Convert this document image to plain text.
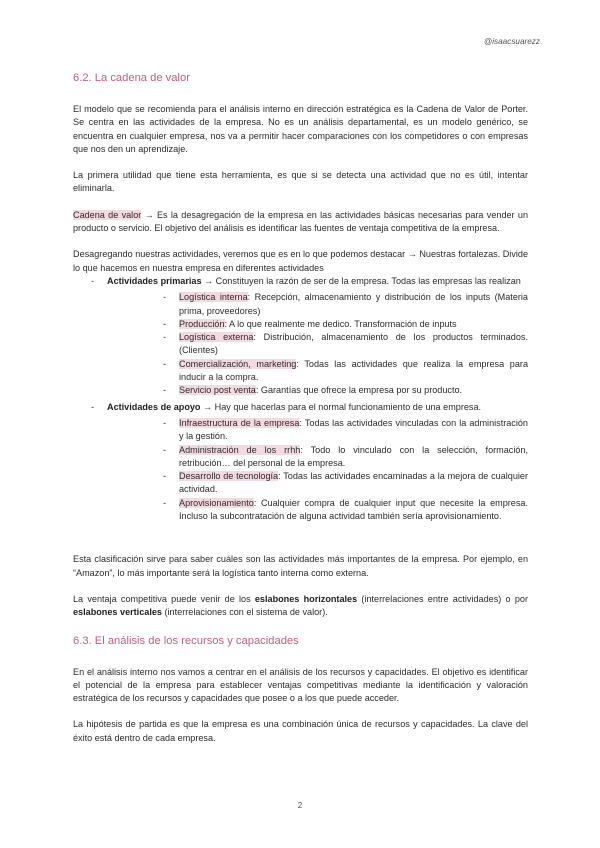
@isaacsuarezz
6.2. La cadena de valor

El modelo que se recomienda para el análisis interno en dirección estratégica es la Cadena de Valor de Porter. Se centra en las actividades de la empresa. No es un análisis departamental, es un modelo genérico, se encuentra en cualquier empresa, nos va a permitir hacer comparaciones con los competidores o con empresas que nos den un aprendizaje.

La primera utilidad que tiene esta herramienta, es que si se detecta una actividad que no es útil, intentar eliminarla.

Cadena de valor → Es la desagregación de la empresa en las actividades básicas necesarias para vender un producto o servicio. El objetivo del análisis es identificar las fuentes de ventaja competitiva de la empresa.

Desagregando nuestras actividades, veremos que es en lo que podemos destacar → Nuestras fortalezas. Divide lo que hacemos en nuestra empresa en diferentes actividades

- Actividades primarias → Constituyen la razón de ser de la empresa. Todas las empresas las realizan
- Logística interna: Recepción, almacenamiento y distribución de los inputs (Materia prima, proveedores)
- Producción: A lo que realmente me dedico. Transformación de inputs
- Logística externa: Distribución, almacenamiento de los productos terminados. (Clientes)
- Comercialización, marketing: Todas las actividades que realiza la empresa para inducir a la compra.
- Servicio post venta: Garantías que ofrece la empresa por su producto.
- Actividades de apoyo → Hay que hacerlas para el normal funcionamiento de una empresa.
- Infraestructura de la empresa: Todas las actividades vinculadas con la administración y la gestión.
- Administración de los rrhh: Todo lo vinculado con la selección, formación, retribución… del personal de la empresa.
- Desarrollo de tecnología: Todas las actividades encaminadas a la mejora de cualquier actividad.
- Aprovisionamiento: Cualquier compra de cualquier input que necesite la empresa. Incluso la subcontratación de alguna actividad también sería aprovisionamiento.

Esta clasificación sirve para saber cuáles son las actividades más importantes de la empresa. Por ejemplo, en “Amazon”, lo más importante será la logística tanto interna como externa.

La ventaja competitiva puede venir de los eslabones horizontales (interrelaciones entre actividades) o por eslabones verticales (interrelaciones con el sistema de valor).

6.3. El análisis de los recursos y capacidades

En el análisis interno nos vamos a centrar en el análisis de los recursos y capacidades. El objetivo es identificar el potencial de la empresa para establecer ventajas competitivas mediante la identificación y valoración estratégica de los recursos y capacidades que posee o a los que puede acceder.

La hipótesis de partida es que la empresa es una combinación única de recursos y capacidades. La clave del éxito está dentro de cada empresa.

2
